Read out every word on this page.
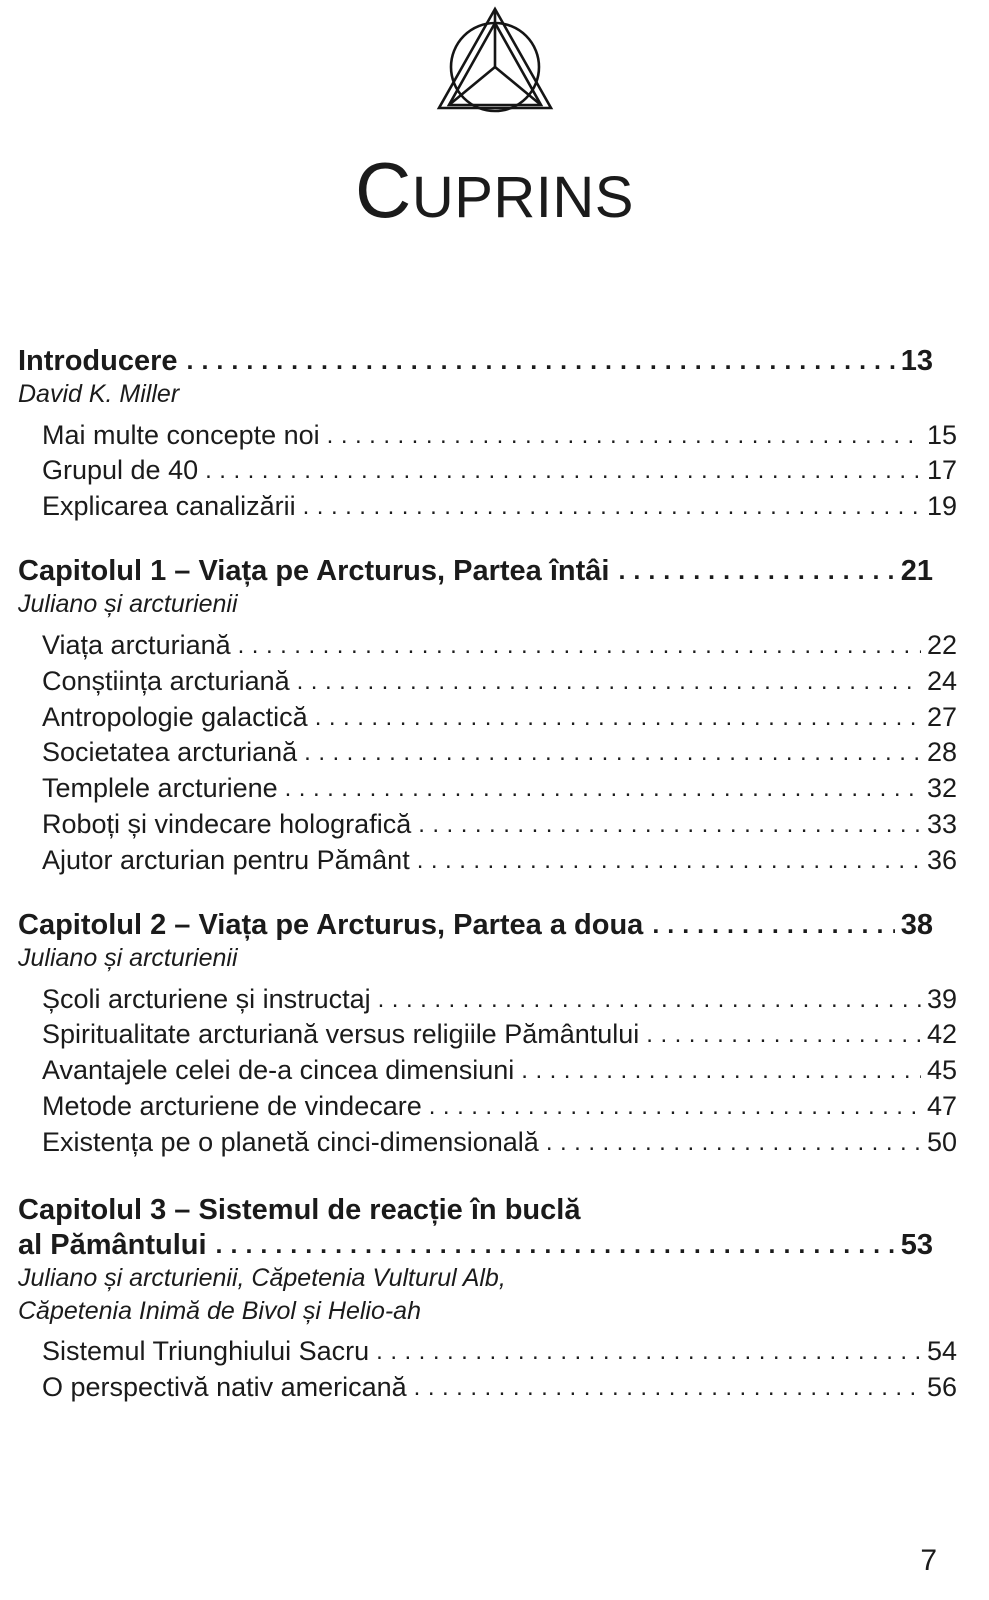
CUPRINS
Introducere .....	13
David K. Miller
Mai multe concepte noi .....	15
Grupul de 40 .....	17
Explicarea canalizării .....	19
Capitolul 1 – Viața pe Arcturus, Partea întâi .....	21
Juliano și arcturienii
Viața arcturiană .....	22
Conștiința arcturiană .....	24
Antropologie galactică .....	27
Societatea arcturiană .....	28
Templele arcturiene .....	32
Roboți și vindecare holografică .....	33
Ajutor arcturian pentru Pământ .....	36
Capitolul 2 – Viața pe Arcturus, Partea a doua .....	38
Juliano și arcturienii
Școli arcturiene și instructaj .....	39
Spiritualitate arcturiană versus religiile Pământului .....	42
Avantajele celei de-a cincea dimensiuni .....	45
Metode arcturiene de vindecare .....	47
Existența pe o planetă cinci-dimensională .....	50
Capitolul 3 – Sistemul de reacție în buclă
al Pământului .....	53
Juliano și arcturienii, Căpetenia Vulturul Alb,
Căpetenia Inimă de Bivol și Helio-ah
Sistemul Triunghiului Sacru .....	54
O perspectivă nativ americană .....	56
7
